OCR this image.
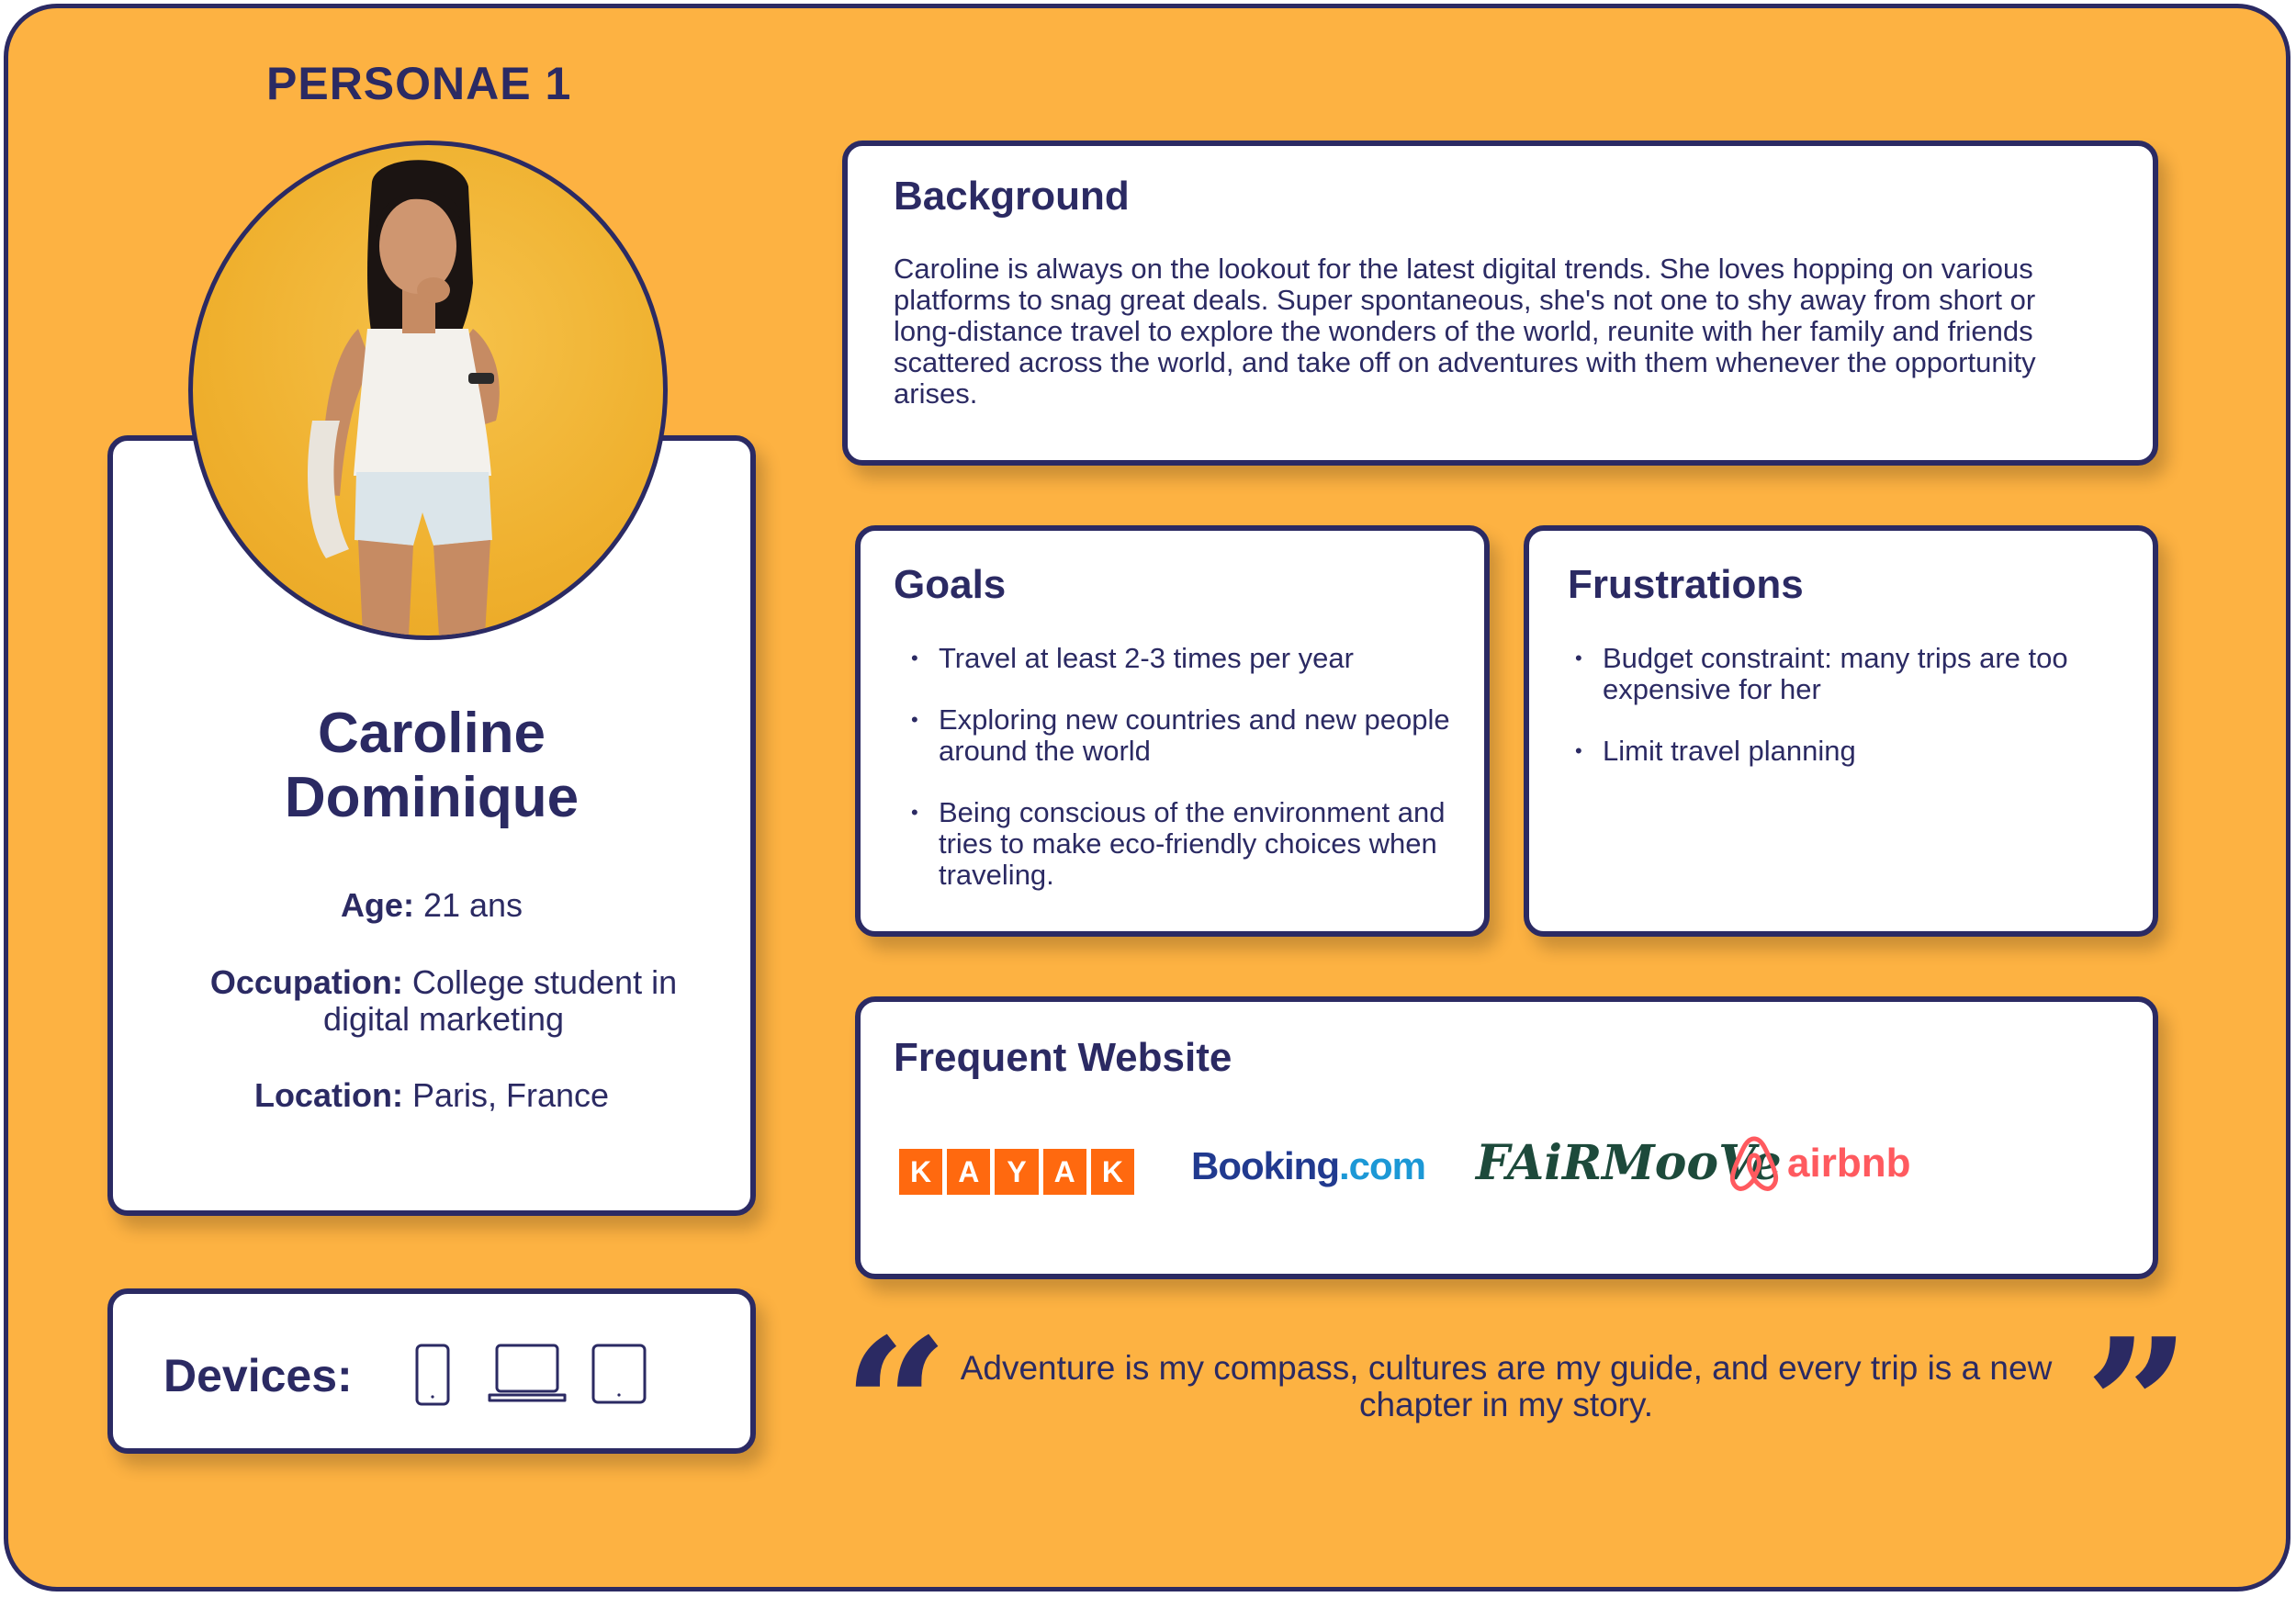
PERSONAE 1
Caroline
Dominique
Age: 21 ans
Occupation: College student in digital marketing
Location: Paris, France
Background

Caroline is always on the lookout for the latest digital trends. She loves hopping on various platforms to snag great deals. Super spontaneous, she's not one to shy away from short or long-distance travel to explore the wonders of the world, reunite with her family and friends scattered across the world, and take off on adventures with them whenever the opportunity arises.

Goals
• Travel at least 2-3 times per year
• Exploring new countries and new people around the world
• Being conscious of the environment and tries to make eco-friendly choices when traveling.
Frustrations
• Budget constraint: many trips are too expensive for her
• Limit travel planning
Frequent Website
K A Y A K Booking.com FAiRMooVe airbnb
Devices:	“ Adventure is my compass, cultures are my guide, and every trip is a new chapter in my story.	”
